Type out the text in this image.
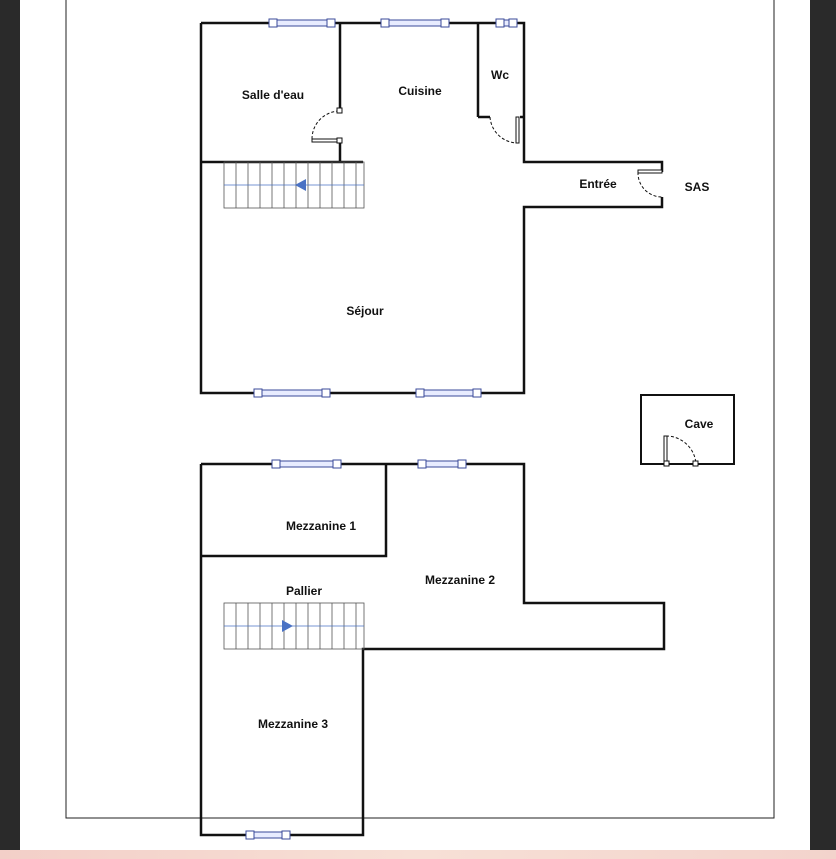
Salle d'eau	Cuisine
Wc
Entrée	SAS
Séjour
Cave
Mezzanine 1
Mezzanine 2
Pallier
Mezzanine 3
